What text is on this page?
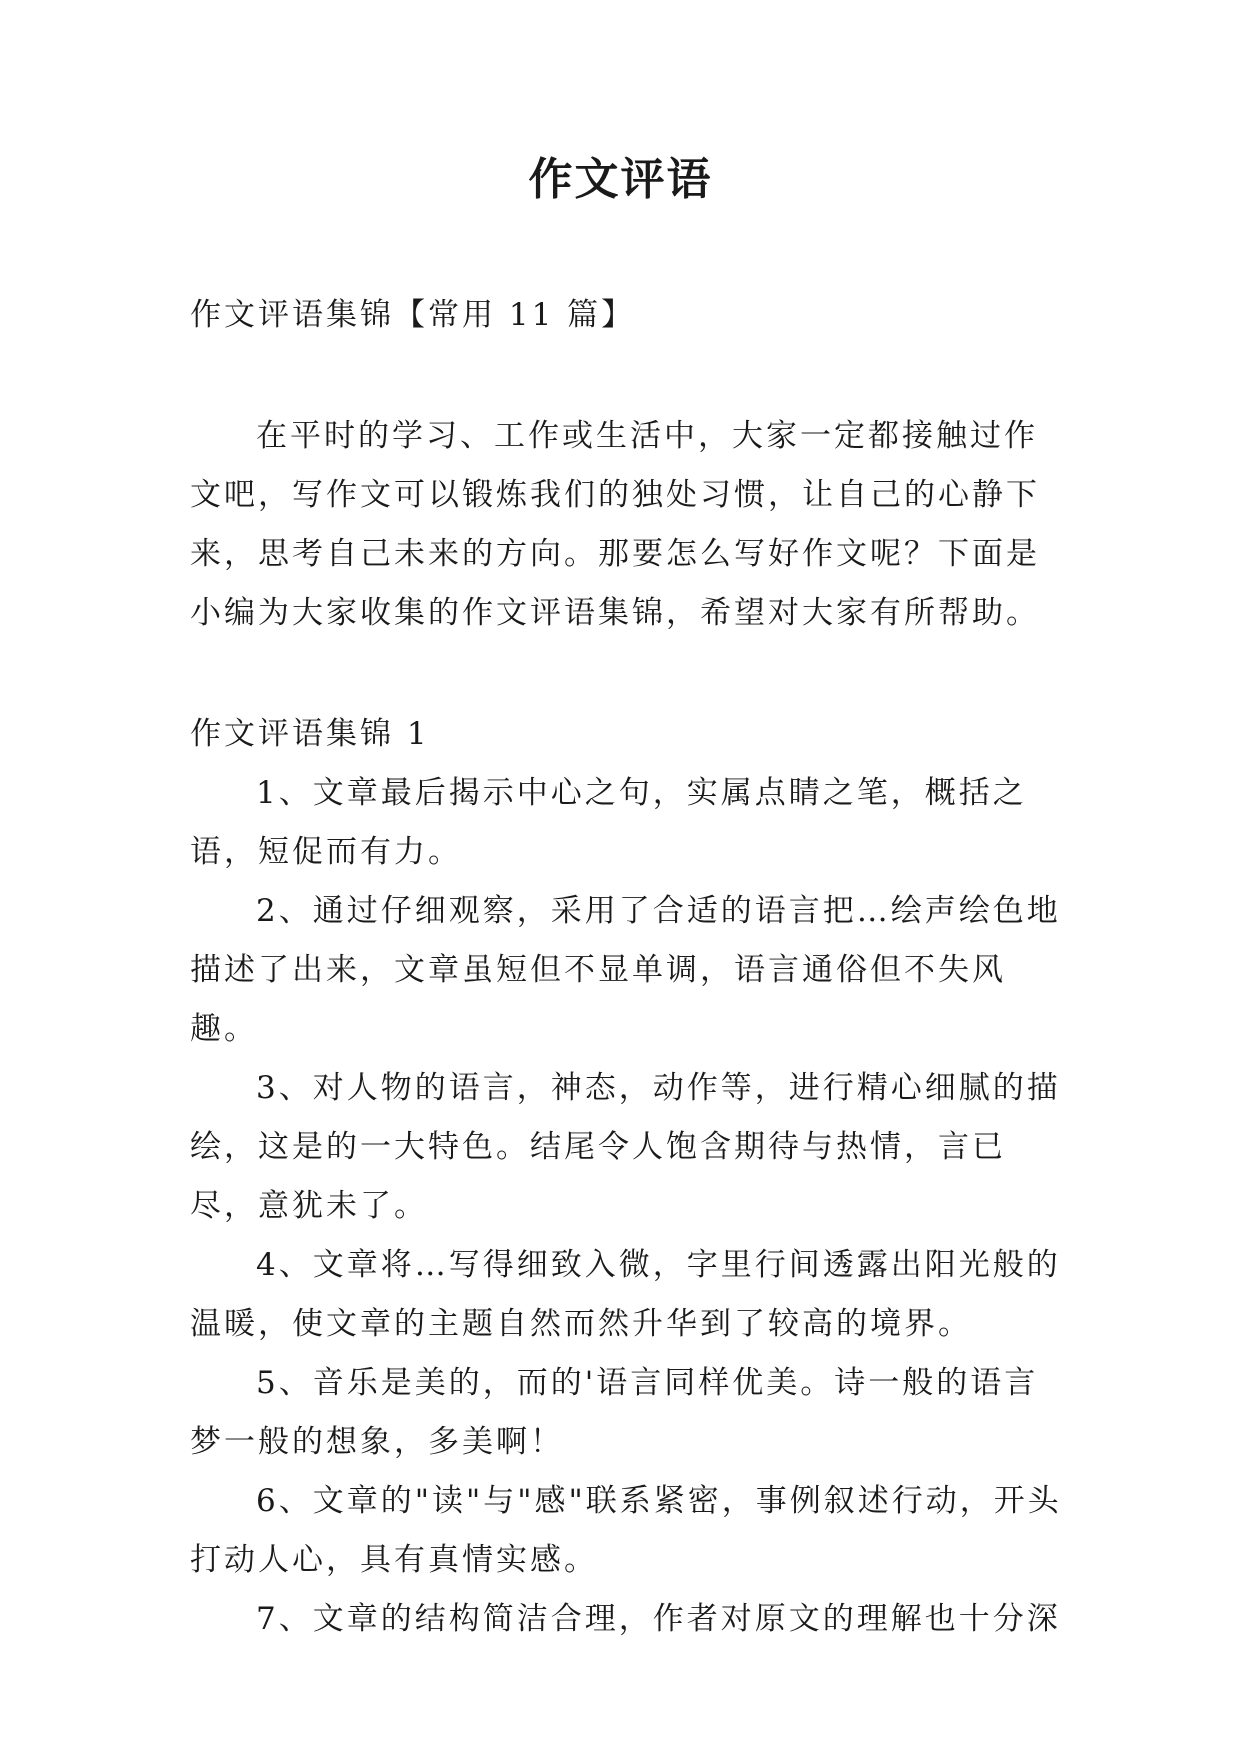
作文评语
作文评语集锦【常用 11 篇】
在平时的学习、工作或生活中，大家一定都接触过作文吧，写作文可以锻炼我们的独处习惯，让自己的心静下来，思考自己未来的方向。那要怎么写好作文呢？下面是小编为大家收集的作文评语集锦，希望对大家有所帮助。
作文评语集锦 1
1、文章最后揭示中心之句，实属点睛之笔，概括之语，短促而有力。
2、通过仔细观察，采用了合适的语言把…绘声绘色地描述了出来，文章虽短但不显单调，语言通俗但不失风趣。
3、对人物的语言，神态，动作等，进行精心细腻的描绘，这是的一大特色。结尾令人饱含期待与热情，言已尽，意犹未了。
4、文章将…写得细致入微，字里行间透露出阳光般的温暖，使文章的主题自然而然升华到了较高的境界。
5、音乐是美的，而的'语言同样优美。诗一般的语言梦一般的想象，多美啊！
6、文章的"读"与"感"联系紧密，事例叙述行动，开头打动人心，具有真情实感。
7、文章的结构简洁合理，作者对原文的理解也十分深
